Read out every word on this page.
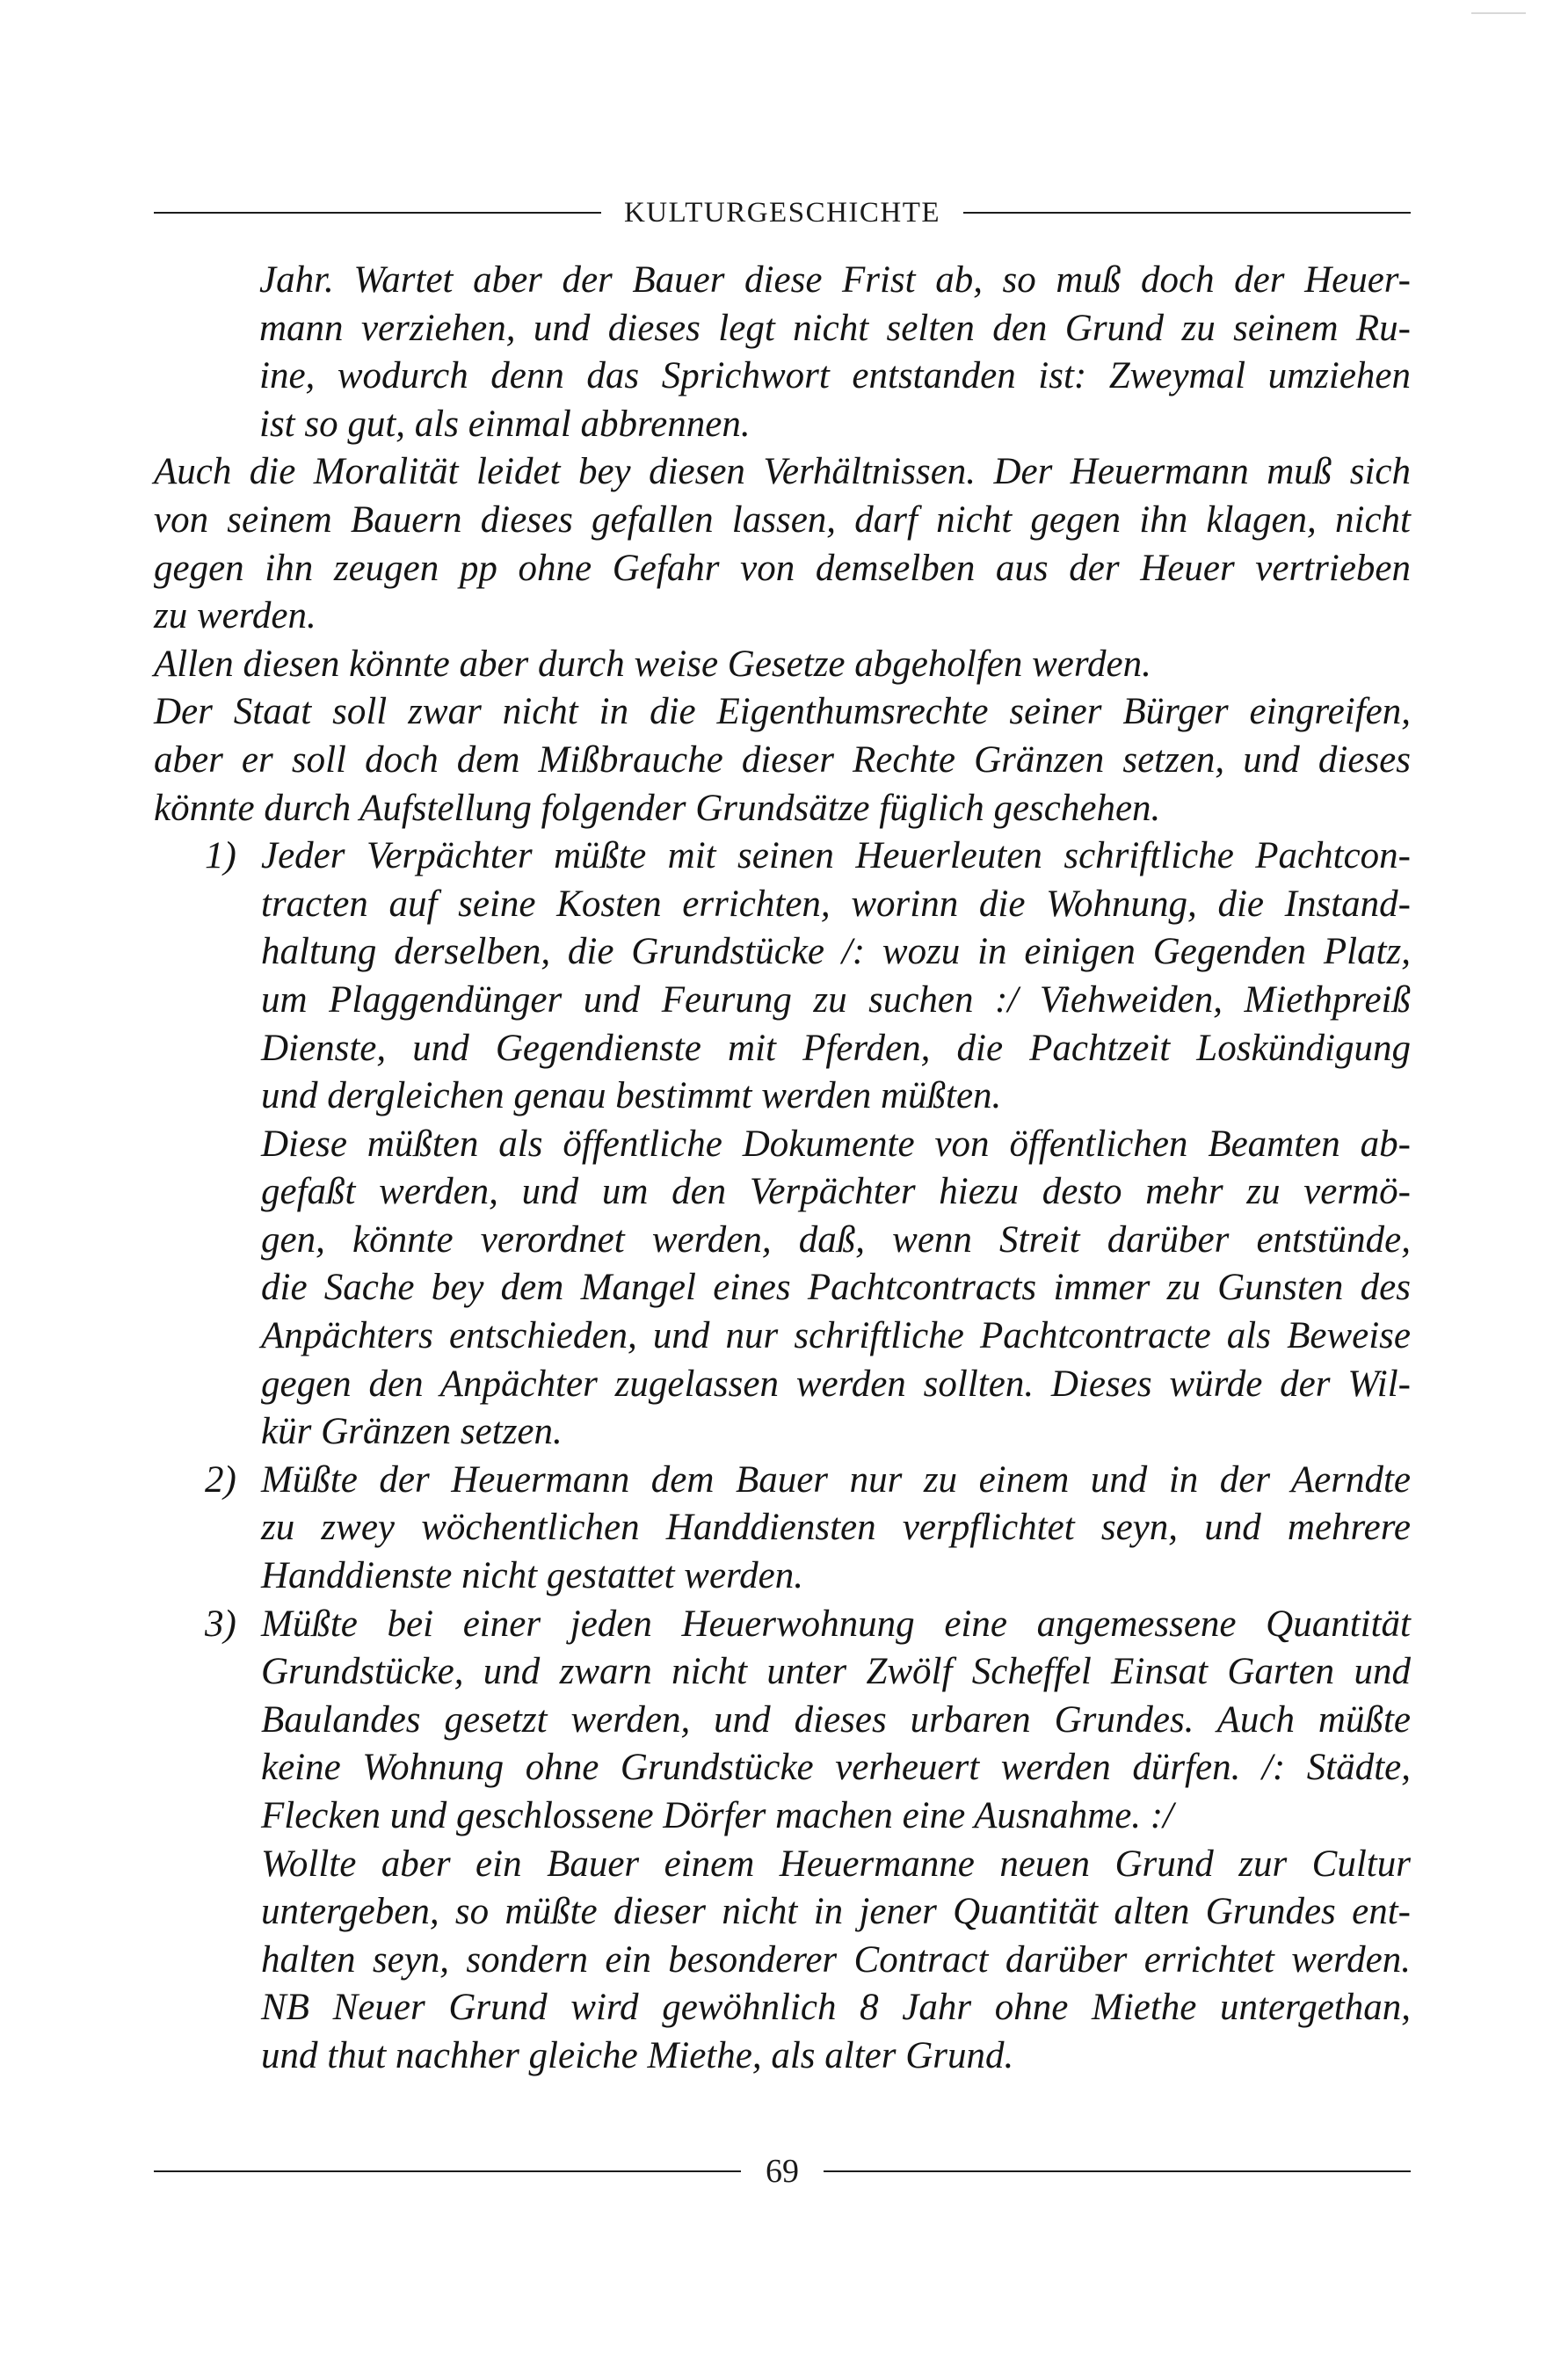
KULTURGESCHICHTE
Jahr. Wartet aber der Bauer diese Frist ab, so muß doch der Heuer-
mann verziehen, und dieses legt nicht selten den Grund zu seinem Ru-
ine, wodurch denn das Sprichwort entstanden ist: Zweymal umziehen
ist so gut, als einmal abbrennen.
Auch die Moralität leidet bey diesen Verhältnissen. Der Heuermann muß sich
von seinem Bauern dieses gefallen lassen, darf nicht gegen ihn klagen, nicht
gegen ihn zeugen pp ohne Gefahr von demselben aus der Heuer vertrieben
zu werden.
Allen diesen könnte aber durch weise Gesetze abgeholfen werden.
Der Staat soll zwar nicht in die Eigenthumsrechte seiner Bürger eingreifen,
aber er soll doch dem Mißbrauche dieser Rechte Gränzen setzen, und dieses
könnte durch Aufstellung folgender Grundsätze füglich geschehen.
1) Jeder Verpächter müßte mit seinen Heuerleuten schriftliche Pachtcon-
tracten auf seine Kosten errichten, worinn die Wohnung, die Instand-
haltung derselben, die Grundstücke /: wozu in einigen Gegenden Platz,
um Plaggendünger und Feurung zu suchen :/ Viehweiden, Miethpreiß
Dienste, und Gegendienste mit Pferden, die Pachtzeit Loskündigung
und dergleichen genau bestimmt werden müßten.
Diese müßten als öffentliche Dokumente von öffentlichen Beamten ab-
gefaßt werden, und um den Verpächter hiezu desto mehr zu vermö-
gen, könnte verordnet werden, daß, wenn Streit darüber entstünde,
die Sache bey dem Mangel eines Pachtcontracts immer zu Gunsten des
Anpächters entschieden, und nur schriftliche Pachtcontracte als Beweise
gegen den Anpächter zugelassen werden sollten. Dieses würde der Wil-
kür Gränzen setzen.
2) Müßte der Heuermann dem Bauer nur zu einem und in der Aerndte
zu zwey wöchentlichen Handdiensten verpflichtet seyn, und mehrere
Handdienste nicht gestattet werden.
3) Müßte bei einer jeden Heuerwohnung eine angemessene Quantität
Grundstücke, und zwarn nicht unter Zwölf Scheffel Einsat Garten und
Baulandes gesetzt werden, und dieses urbaren Grundes. Auch müßte
keine Wohnung ohne Grundstücke verheuert werden dürfen. /: Städte,
Flecken und geschlossene Dörfer machen eine Ausnahme. :/
Wollte aber ein Bauer einem Heuermanne neuen Grund zur Cultur
untergeben, so müßte dieser nicht in jener Quantität alten Grundes ent-
halten seyn, sondern ein besonderer Contract darüber errichtet werden.
NB Neuer Grund wird gewöhnlich 8 Jahr ohne Miethe untergethan,
und thut nachher gleiche Miethe, als alter Grund.
69
